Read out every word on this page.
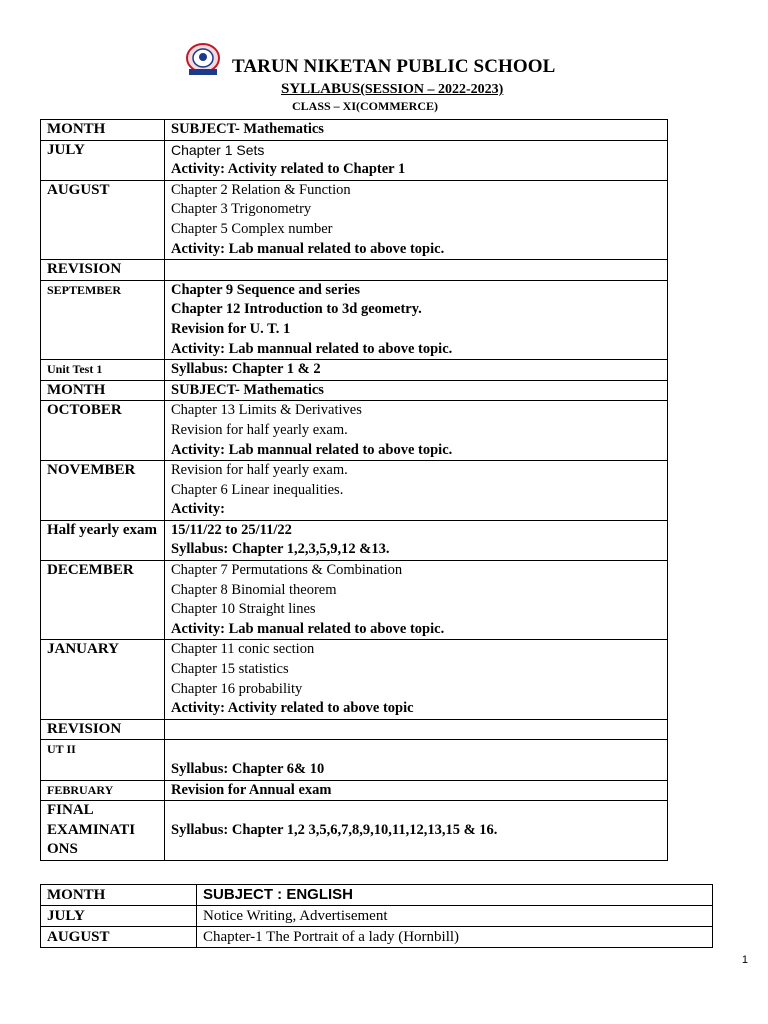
TARUN NIKETAN PUBLIC SCHOOL
SYLLABUS(SESSION – 2022-2023)
CLASS – XI(COMMERCE)
MONTH	SUBJECT- Mathematics
JULY	Chapter 1 Sets
Activity: Activity related to Chapter 1

AUGUST	Chapter 2 Relation & Function
Chapter 3 Trigonometry
Chapter 5 Complex number
Activity: Lab manual related to above topic.

REVISION	

SEPTEMBER	Chapter 9 Sequence and series
Chapter 12 Introduction to 3d geometry.
Revision for U. T. 1
Activity: Lab mannual related to above topic.

Unit Test 1	Syllabus: Chapter 1 & 2

MONTH	SUBJECT- Mathematics

OCTOBER	Chapter 13 Limits & Derivatives
Revision for half yearly exam.
Activity: Lab mannual related to above topic.

NOVEMBER	Revision for half yearly exam.
Chapter 6 Linear inequalities.
Activity:

Half yearly exam	15/11/22 to 25/11/22
Syllabus: Chapter 1,2,3,5,9,12 &13.

DECEMBER	Chapter 7 Permutations & Combination
Chapter 8 Binomial theorem
Chapter 10 Straight lines
Activity: Lab manual related to above topic.

JANUARY	Chapter 11 conic section
Chapter 15 statistics
Chapter 16 probability
Activity: Activity related to above topic

REVISION	

UT II	Syllabus: Chapter 6& 10

FEBRUARY	Revision for Annual exam

FINAL EXAMINATI ONS	Syllabus: Chapter 1,2 3,5,6,7,8,9,10,11,12,13,15 & 16.
MONTH	SUBJECT : ENGLISH
JULY	Notice Writing, Advertisement
AUGUST	Chapter-1 The Portrait of a lady (Hornbill)
1
